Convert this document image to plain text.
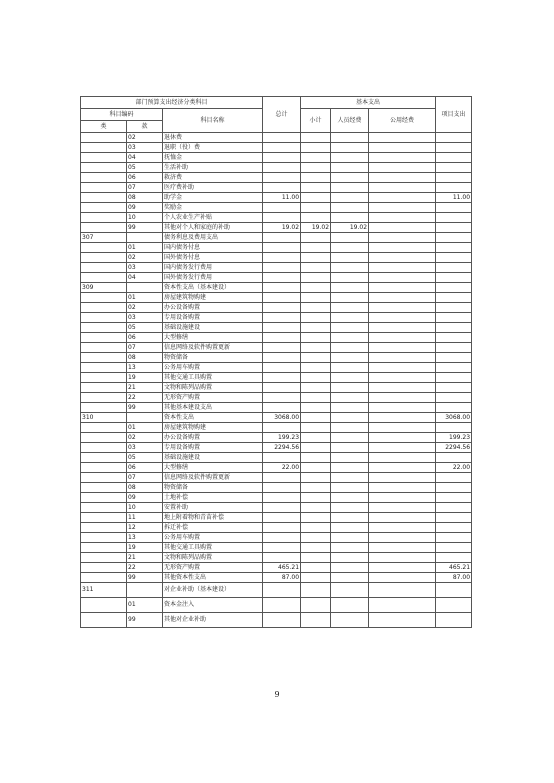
部门预算支出经济分类科目			总计	基本支出			项目支出
科目编码		科目名称		小计	人员经费	公用经费	
类	款						
	02	退休费					
	03	退职（役）费					
	04	抚恤金					
	05	生活补助					
	06	救济费					
	07	医疗费补助					
	08	助学金	11.00				11.00
	09	奖励金					
	10	个人农业生产补贴					
	99	其他对个人和家庭的补助	19.02	19.02	19.02		
307		债务利息及费用支出					
	01	国内债务付息					
	02	国外债务付息					
	03	国内债务发行费用					
	04	国外债务发行费用					
309		资本性支出（基本建设）					
	01	房屋建筑物购建					
	02	办公设备购置					
	03	专用设备购置					
	05	基础设施建设					
	06	大型修缮					
	07	信息网络及软件购置更新					
	08	物资储备					
	13	公务用车购置					
	19	其他交通工具购置					
	21	文物和陈列品购置					
	22	无形资产购置					
	99	其他基本建设支出					
310		资本性支出	3068.00				3068.00
	01	房屋建筑物购建					
	02	办公设备购置	199.23				199.23
	03	专用设备购置	2294.56				2294.56
	05	基础设施建设					
	06	大型修缮	22.00				22.00
	07	信息网络及软件购置更新					
	08	物资储备					
	09	土地补偿					
	10	安置补助					
	11	地上附着物和青苗补偿					
	12	拆迁补偿					
	13	公务用车购置					
	19	其他交通工具购置					
	21	文物和陈列品购置					
	22	无形资产购置	465.21				465.21
	99	其他资本性支出	87.00				87.00
311		对企业补助（基本建设）					
	01	资本金注入					
	99	其他对企业补助					
9
